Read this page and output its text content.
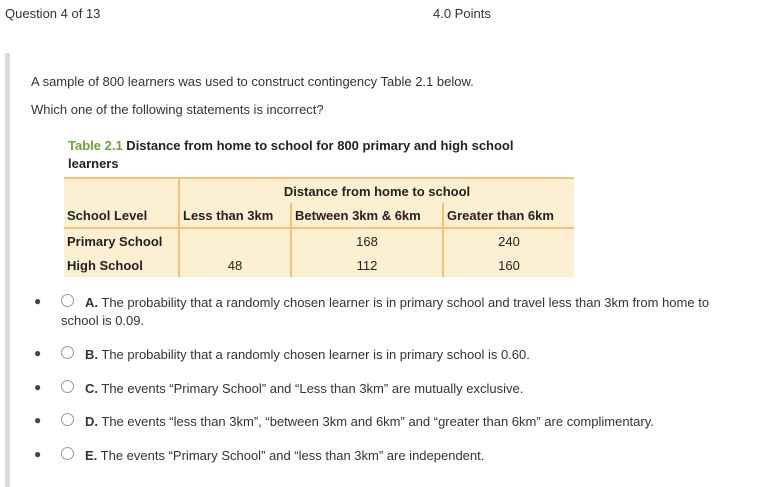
Question 4 of 13	4.0 Points
A sample of 800 learners was used to construct contingency Table 2.1 below.
Which one of the following statements is incorrect?
Table 2.1 Distance from home to school for 800 primary and high school
learners
	Distance from home to school		
School Level	Less than 3km	Between 3km & 6km	Greater than 6km
Primary School		168	240
High School	48	112	160
●	A. The probability that a randomly chosen learner is in primary school and travel less than 3km from home to
school is 0.09.
●	B. The probability that a randomly chosen learner is in primary school is 0.60.
●	C. The events “Primary School” and “Less than 3km” are mutually exclusive.
●	D. The events “less than 3km”, “between 3km and 6km” and “greater than 6km” are complimentary.
●	E. The events “Primary School” and “less than 3km” are independent.
